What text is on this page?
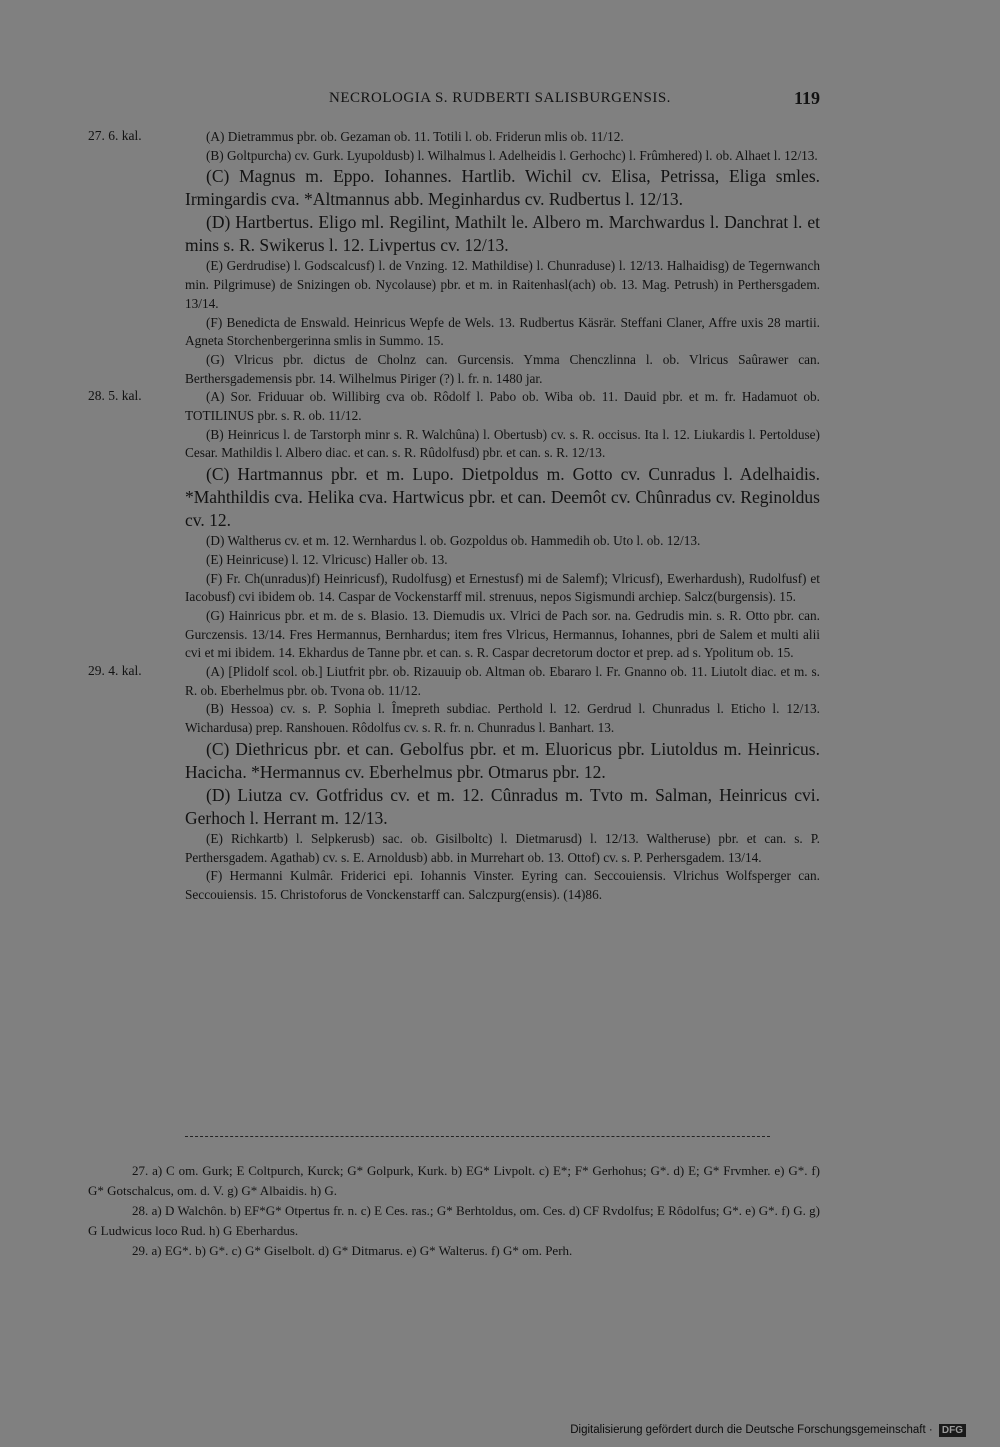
NECROLOGIA S. RUDBERTI SALISBURGENSIS.	119
27. 6. kal.	(A) Dietrammus pbr. ob. Gezaman ob. 11. Totili l. ob. Friderun mlis ob. 11/12.

(B) Goltpurcha) cv. Gurk. Lyupoldusb) l. Wilhalmus l. Adelheidis l. Gerhochc) l. Frûmhered) l. ob. Alhaet l. 12/13.

(C) Magnus m. Eppo. Iohannes. Hartlib. Wichil cv. Elisa, Petrissa, Eliga smles. Irmingardis cva. *Altmannus abb. Meginhardus cv. Rudbertus l. 12/13.

(D) Hartbertus. Eligo ml. Regilint, Mathilt le. Albero m. Marchwardus l. Danchrat l. et mins s. R. Swikerus l. 12. Livpertus cv. 12/13.

(E) Gerdrudise) l. Godscalcusf) l. de Vnzing. 12. Mathildise) l. Chunraduse) l. 12/13. Halhaidisg) de Tegernwanch min. Pilgrimuse) de Snizingen ob. Nycolause) pbr. et m. in Raitenhasl(ach) ob. 13. Mag. Petrush) in Perthersgadem. 13/14.

(F) Benedicta de Enswald. Heinricus Wepfe de Wels. 13. Rudbertus Käsrär. Steffani Claner, Affre uxis 28 martii. Agneta Storchenbergerinna smlis in Summo. 15.

(G) Vlricus pbr. dictus de Cholnz can. Gurcensis. Ymma Chenczlinna l. ob. Vlricus Saûrawer can. Berthersgademensis pbr. 14. Wilhelmus Piriger (?) l. fr. n. 1480 jar.

28. 5. kal.	(A) Sor. Friduuar ob. Willibirg cva ob. Rôdolf l. Pabo ob. Wiba ob. 11. Dauid pbr. et m. fr. Hadamuot ob. TOTILINUS pbr. s. R. ob. 11/12.

(B) Heinricus l. de Tarstorph minr s. R. Walchûna) l. Obertusb) cv. s. R. occisus. Ita l. 12. Liukardis l. Pertolduse) Cesar. Mathildis l. Albero diac. et can. s. R. Rûdolfusd) pbr. et can. s. R. 12/13.

(C) Hartmannus pbr. et m. Lupo. Dietpoldus m. Gotto cv. Cunradus l. Adelhaidis. *Mahthildis cva. Helika cva. Hartwicus pbr. et can. Deemôt cv. Chûnradus cv. Reginoldus cv. 12.

(D) Waltherus cv. et m. 12. Wernhardus l. ob. Gozpoldus ob. Hammedih ob. Uto l. ob. 12/13.

(E) Heinricuse) l. 12. Vlricusc) Haller ob. 13.

(F) Fr. Ch(unradus)f) Heinricusf), Rudolfusg) et Ernestusf) mi de Salemf); Vlricusf), Ewerhardush), Rudolfusf) et Iacobusf) cvi ibidem ob. 14. Caspar de Vockenstarff mil. strenuus, nepos Sigismundi archiep. Salcz(burgensis). 15.

(G) Hainricus pbr. et m. de s. Blasio. 13. Diemudis ux. Vlrici de Pach sor. na. Gedrudis min. s. R. Otto pbr. can. Gurczensis. 13/14. Fres Hermannus, Bernhardus; item fres Vlricus, Hermannus, Iohannes, pbri de Salem et multi alii cvi et mi ibidem. 14. Ekhardus de Tanne pbr. et can. s. R. Caspar decretorum doctor et prep. ad s. Ypolitum ob. 15.

29. 4. kal.	(A) [Plidolf scol. ob.] Liutfrit pbr. ob. Rizauuip ob. Altman ob. Ebararo l. Fr. Gnanno ob. 11. Liutolt diac. et m. s. R. ob. Eberhelmus pbr. ob. Tvona ob. 11/12.

(B) Hessoa) cv. s. P. Sophia l. Îmepreth subdiac. Perthold l. 12. Gerdrud l. Chunradus l. Eticho l. 12/13. Wichardusa) prep. Ranshouen. Rôdolfus cv. s. R. fr. n. Chunradus l. Banhart. 13.

(C) Diethricus pbr. et can. Gebolfus pbr. et m. Eluoricus pbr. Liutoldus m. Heinricus. Hacicha. *Hermannus cv. Eberhelmus pbr. Otmarus pbr. 12.

(D) Liutza cv. Gotfridus cv. et m. 12. Cûnradus m. Tvto m. Salman, Heinricus cvi. Gerhoch l. Herrant m. 12/13.

(E) Richkartb) l. Selpkerusb) sac. ob. Gisilboltc) l. Dietmarusd) l. 12/13. Waltheruse) pbr. et can. s. P. Perthersgadem. Agathab) cv. s. E. Arnoldusb) abb. in Murrehart ob. 13. Ottof) cv. s. P. Perhersgadem. 13/14.

(F) Hermanni Kulmâr. Friderici epi. Iohannis Vinster. Eyring can. Seccouiensis. Vlrichus Wolfsperger can. Seccouiensis. 15. Christoforus de Vonckenstarff can. Salczpurg(ensis). (14)86.

27. a) C om. Gurk; E Coltpurch, Kurck; G* Golpurk, Kurk. b) EG* Livpolt. c) E*; F* Gerhohus; G*. d) E; G* Frvmher. e) G*. f) G* Gotschalcus, om. d. V. g) G* Albaidis. h) G.

28. a) D Walchôn. b) EF*G* Otpertus fr. n. c) E Ces. ras.; G* Berhtoldus, om. Ces. d) CF Rvdolfus; E Rôdolfus; G*. e) G*. f) G. g) G Ludwicus loco Rud. h) G Eberhardus.

29. a) EG*. b) G*. c) G* Giselbolt. d) G* Ditmarus. e) G* Walterus. f) G* om. Perh.

Digitalisierung gefördert durch die Deutsche Forschungsgemeinschaft · DFG
